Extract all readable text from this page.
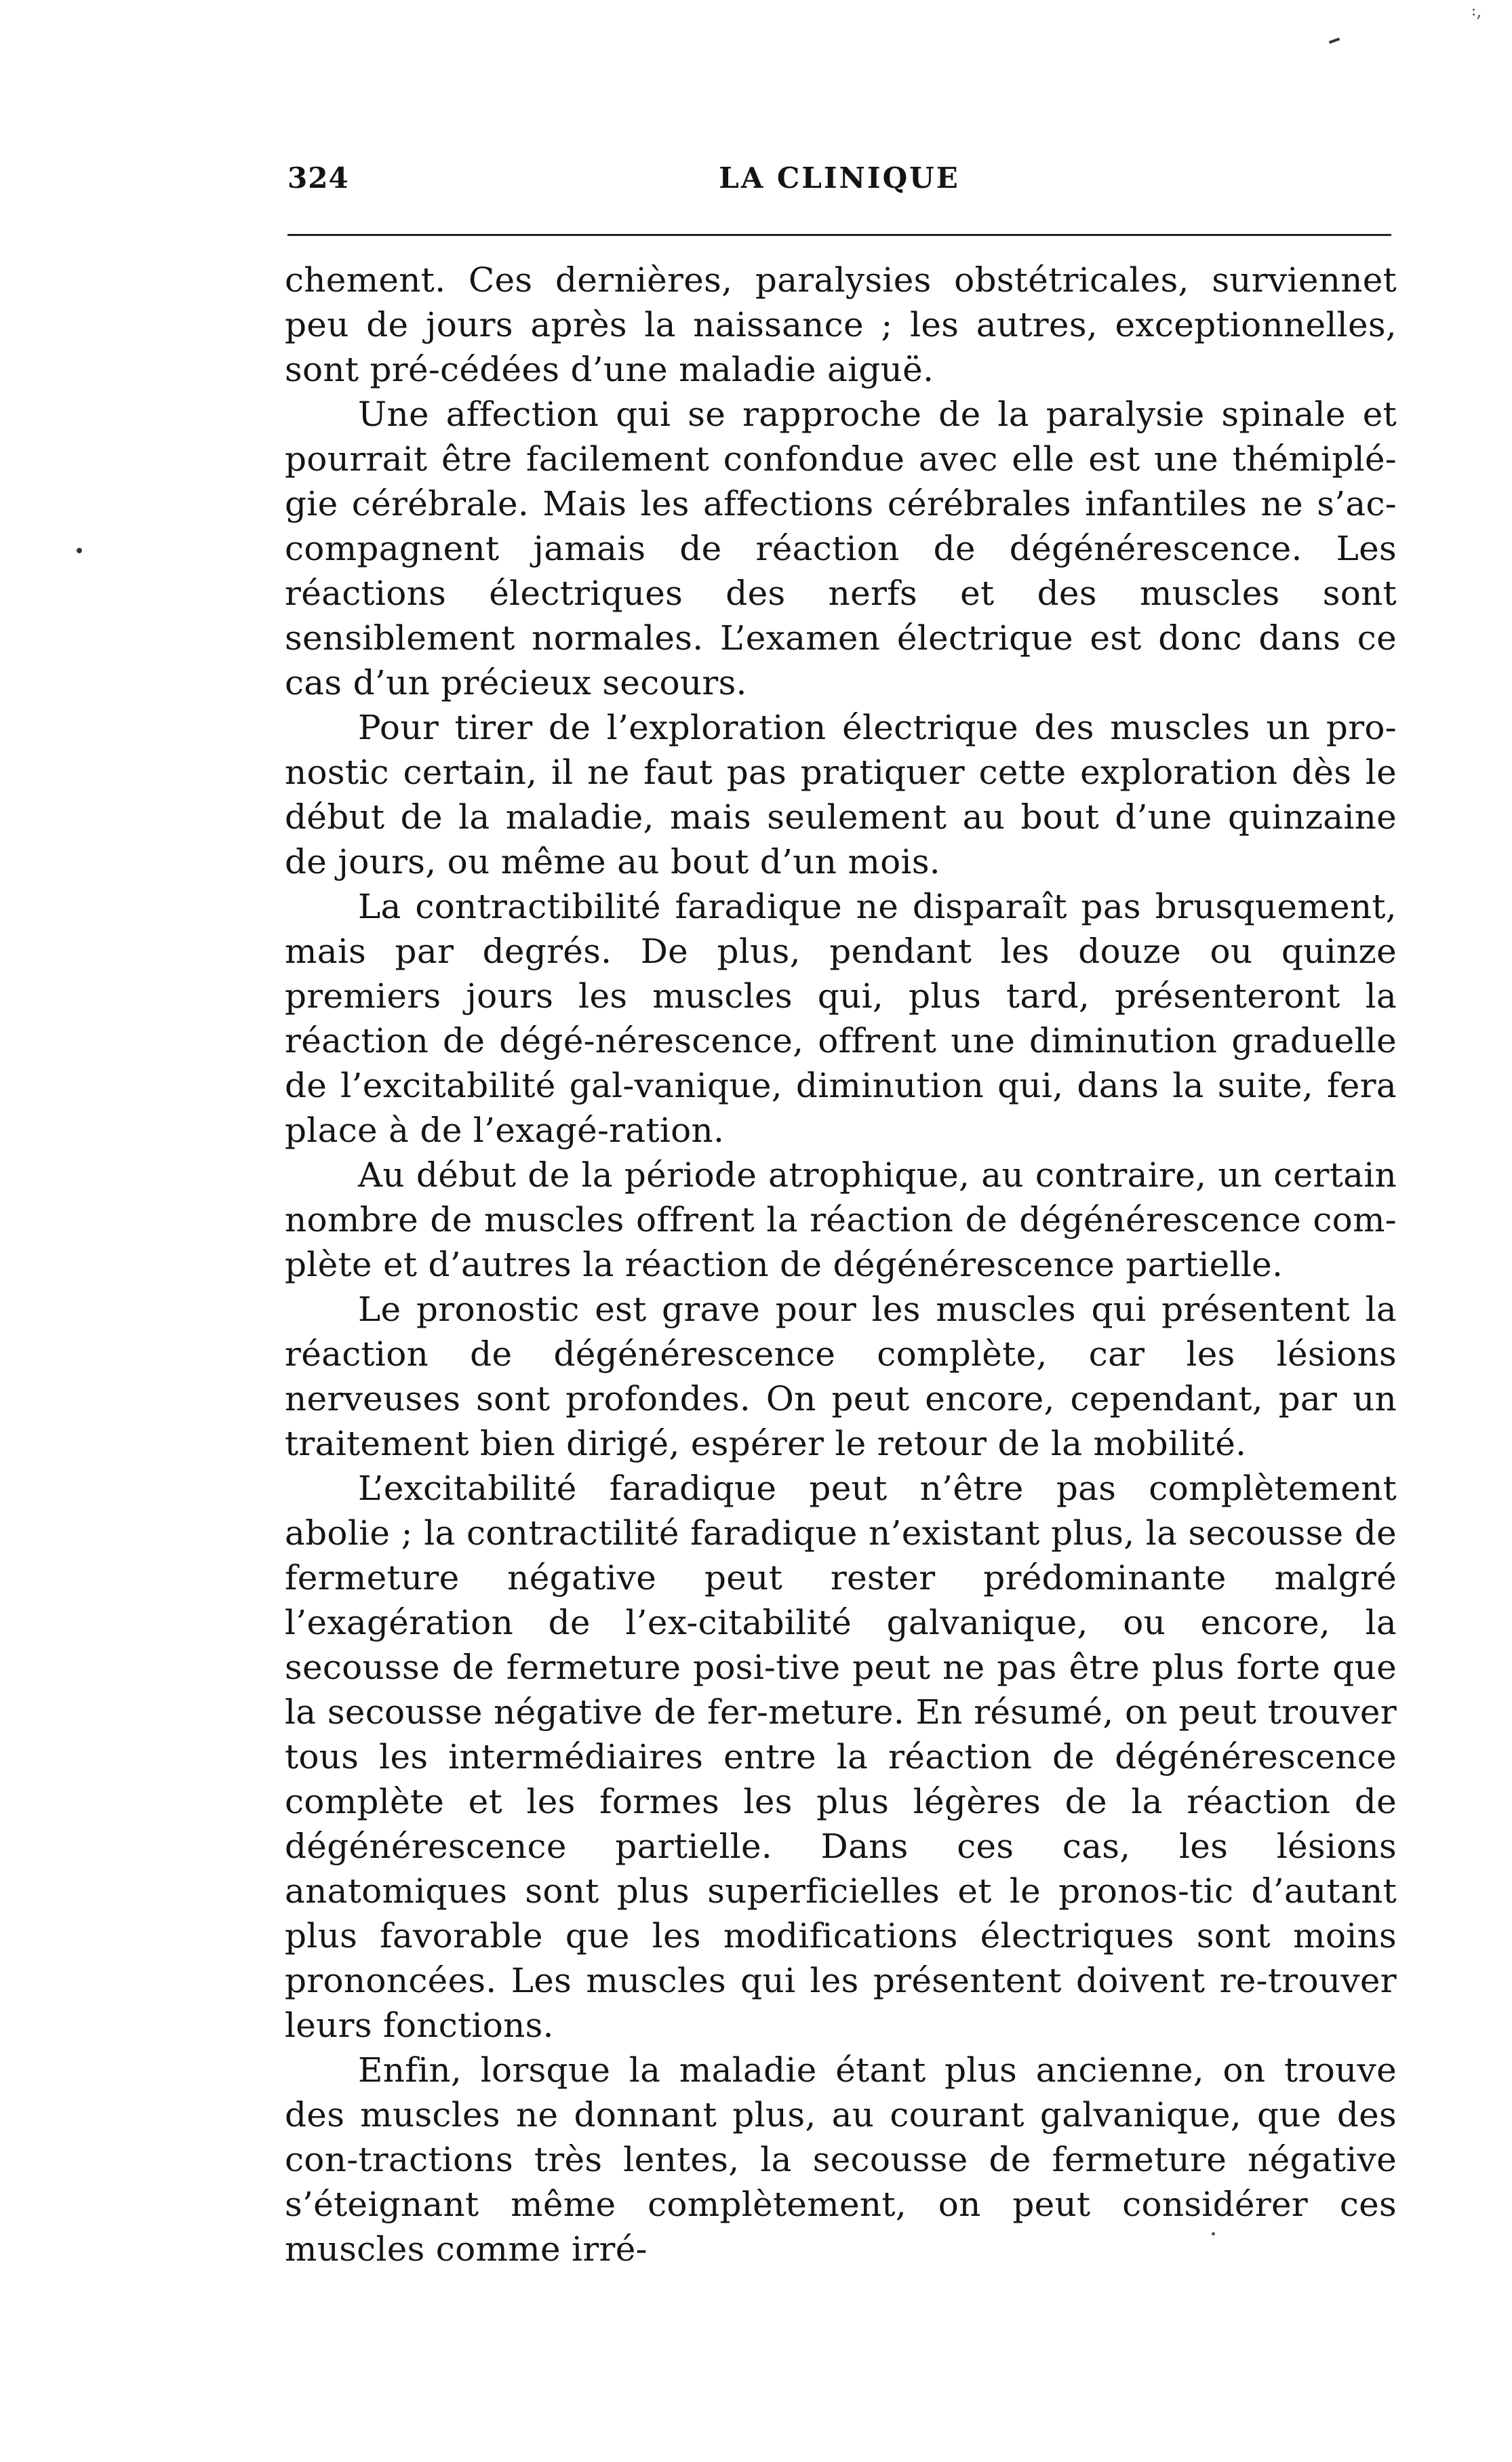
꞉,
324	LA CLINIQUE

chement. Ces dernières, paralysies obstétricales, surviennet peu de jours après la naissance ; les autres, exceptionnelles, sont pré-cédées d’une maladie aiguë.

Une affection qui se rapproche de la paralysie spinale et pourrait être facilement confondue avec elle est une thémiplé-gie cérébrale. Mais les affections cérébrales infantiles ne s’ac-compagnent jamais de réaction de dégénérescence. Les réactions électriques des nerfs et des muscles sont sensiblement normales. L’examen électrique est donc dans ce cas d’un précieux secours.

Pour tirer de l’exploration électrique des muscles un pro-nostic certain, il ne faut pas pratiquer cette exploration dès le début de la maladie, mais seulement au bout d’une quinzaine de jours, ou même au bout d’un mois.

La contractibilité faradique ne disparaît pas brusquement, mais par degrés. De plus, pendant les douze ou quinze premiers jours les muscles qui, plus tard, présenteront la réaction de dégé-nérescence, offrent une diminution graduelle de l’excitabilité gal-vanique, diminution qui, dans la suite, fera place à de l’exagé-ration.

Au début de la période atrophique, au contraire, un certain nombre de muscles offrent la réaction de dégénérescence com-plète et d’autres la réaction de dégénérescence partielle.

Le pronostic est grave pour les muscles qui présentent la réaction de dégénérescence complète, car les lésions nerveuses sont profondes. On peut encore, cependant, par un traitement bien dirigé, espérer le retour de la mobilité.

L’excitabilité faradique peut n’être pas complètement abolie ; la contractilité faradique n’existant plus, la secousse de fermeture négative peut rester prédominante malgré l’exagération de l’ex-citabilité galvanique, ou encore, la secousse de fermeture posi-tive peut ne pas être plus forte que la secousse négative de fer-meture. En résumé, on peut trouver tous les intermédiaires entre la réaction de dégénérescence complète et les formes les plus légères de la réaction de dégénérescence partielle. Dans ces cas, les lésions anatomiques sont plus superficielles et le pronos-tic d’autant plus favorable que les modifications électriques sont moins prononcées. Les muscles qui les présentent doivent re-trouver leurs fonctions.

Enfin, lorsque la maladie étant plus ancienne, on trouve des muscles ne donnant plus, au courant galvanique, que des con-tractions très lentes, la secousse de fermeture négative s’éteignant même complètement, on peut considérer ces muscles comme irré-
